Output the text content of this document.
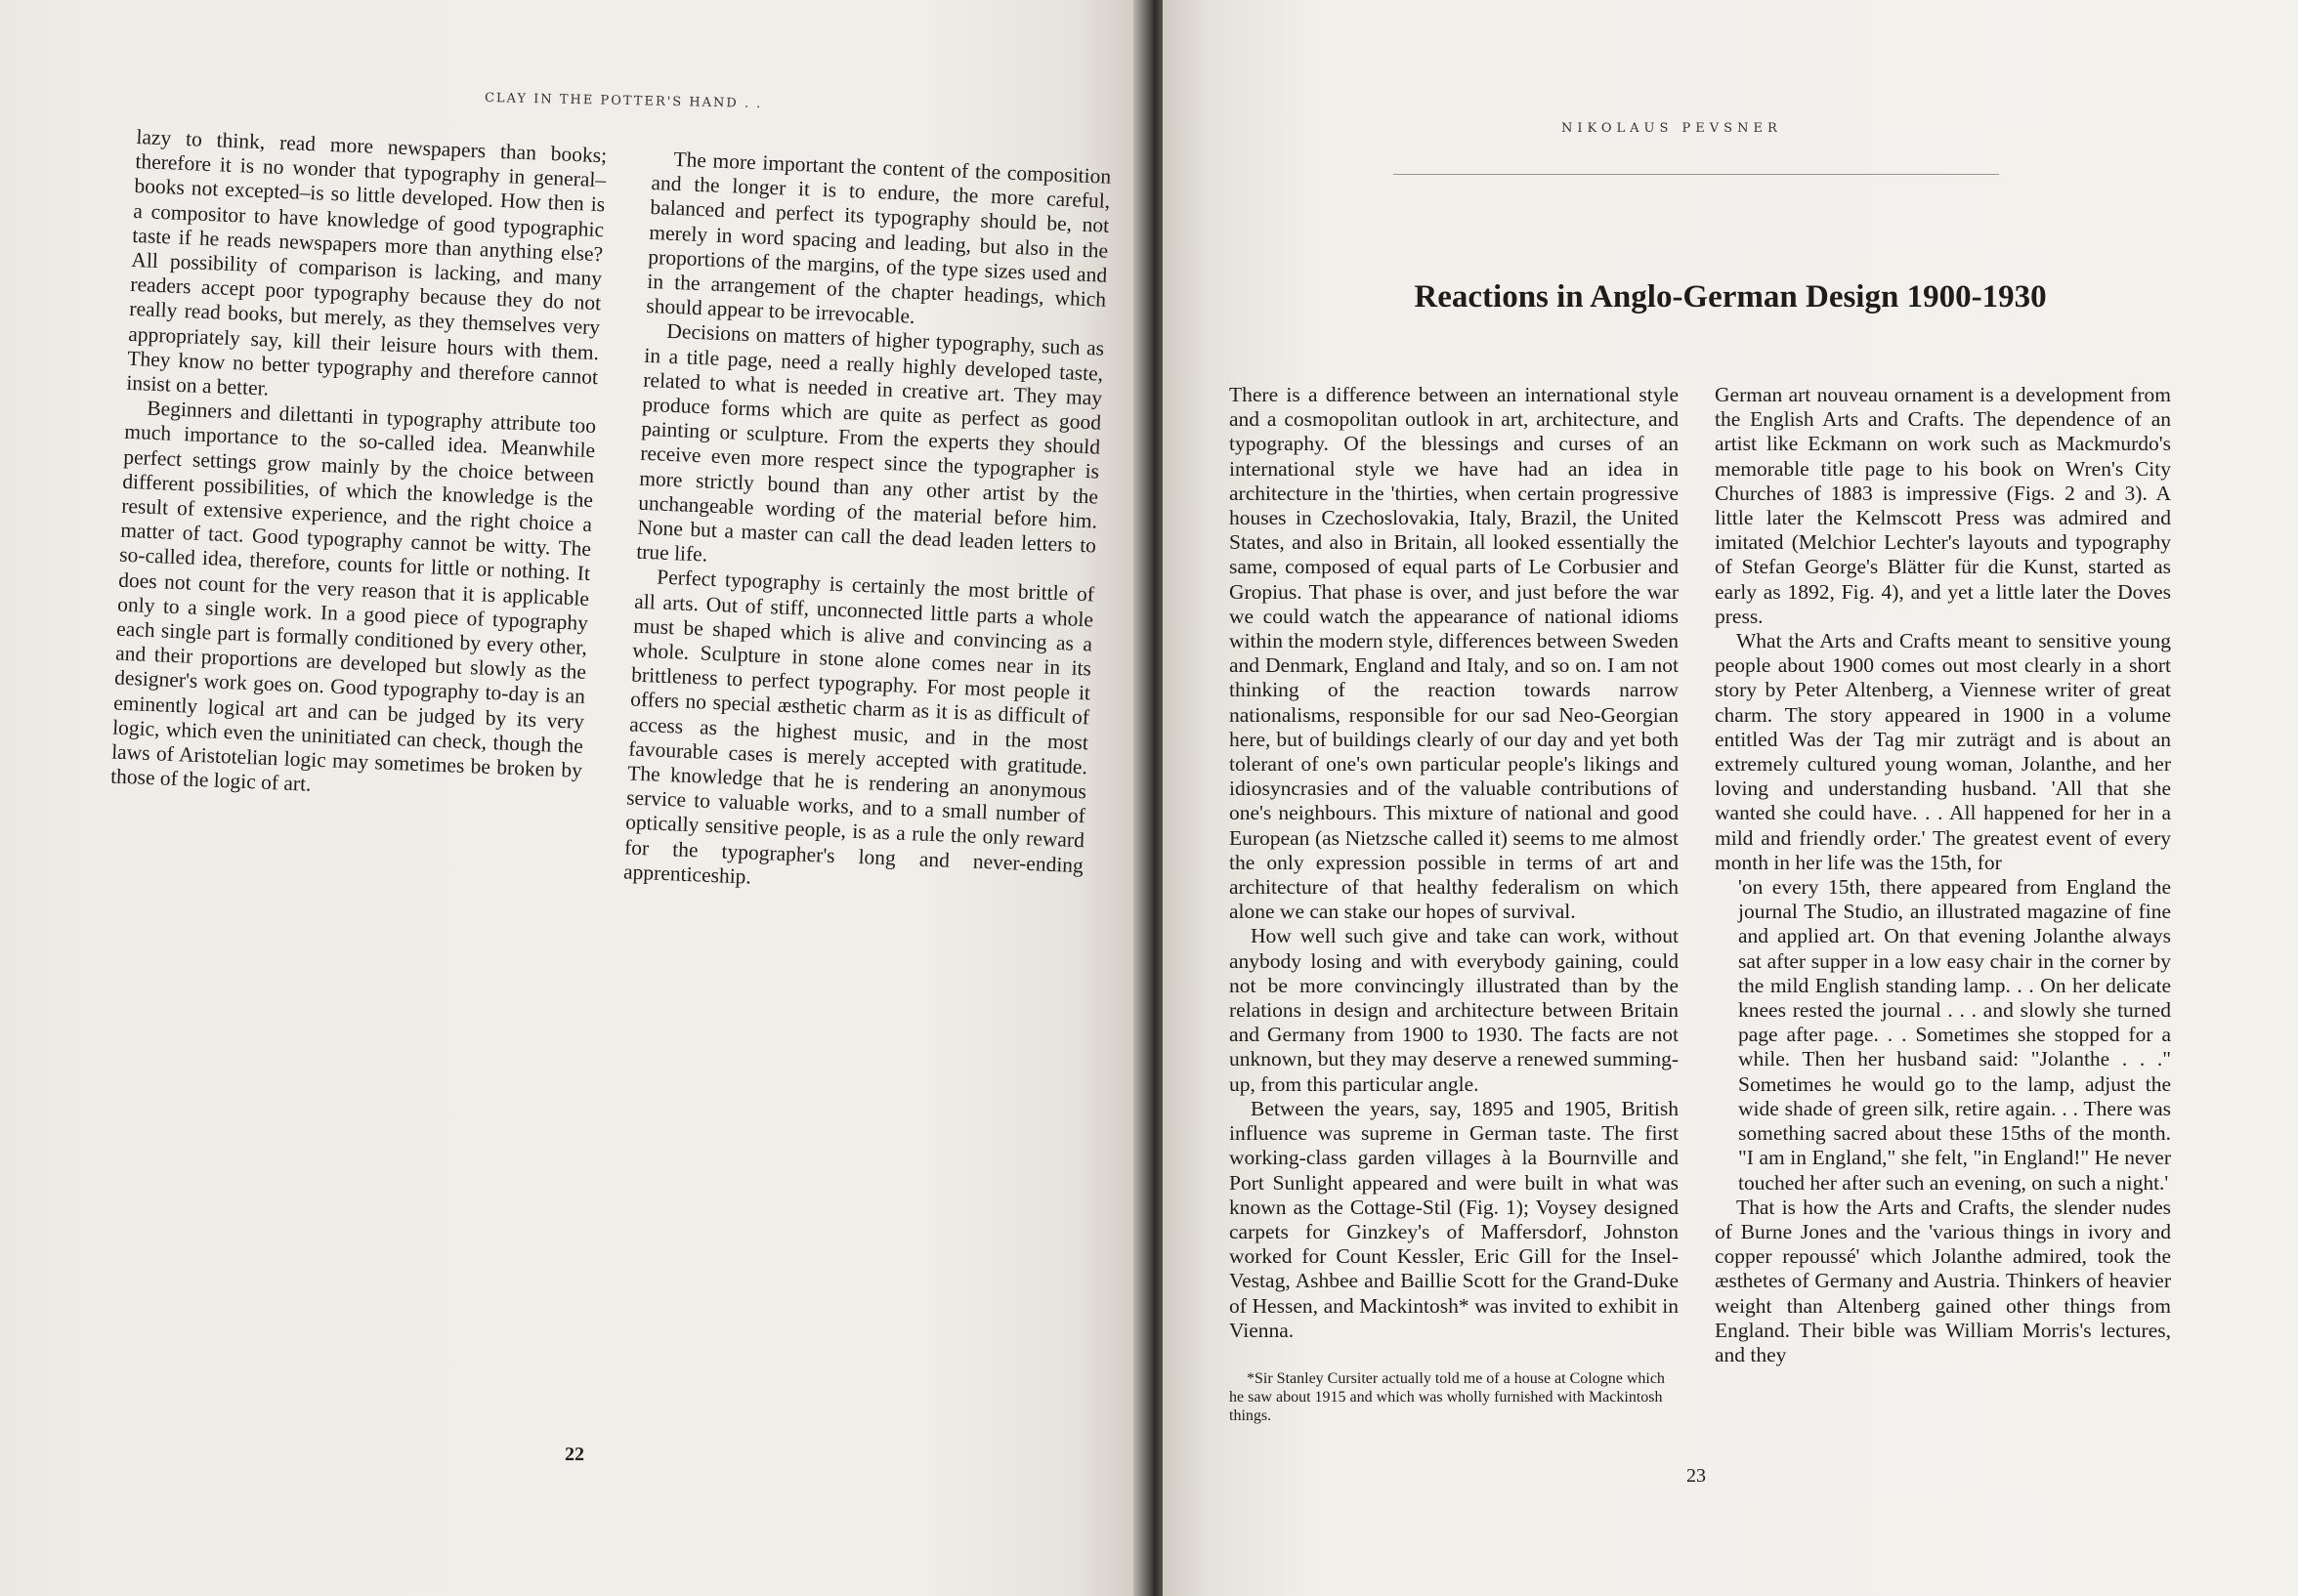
CLAY IN THE POTTER'S HAND . .

lazy to think, read more newspapers than books; therefore it is no wonder that typography in general–books not excepted–is so little developed. How then is a compositor to have knowledge of good typographic taste if he reads newspapers more than anything else? All possibility of comparison is lacking, and many readers accept poor typography because they do not really read books, but merely, as they themselves very appropriately say, kill their leisure hours with them. They know no better typography and therefore cannot insist on a better.

Beginners and dilettanti in typography attribute too much importance to the so-called idea. Meanwhile perfect settings grow mainly by the choice between different possibilities, of which the knowledge is the result of extensive experience, and the right choice a matter of tact. Good typography cannot be witty. The so-called idea, therefore, counts for little or nothing. It does not count for the very reason that it is applicable only to a single work. In a good piece of typography each single part is formally conditioned by every other, and their proportions are developed but slowly as the designer's work goes on. Good typography to-day is an eminently logical art and can be judged by its very logic, which even the uninitiated can check, though the laws of Aristotelian logic may sometimes be broken by those of the logic of art.

The more important the content of the composition and the longer it is to endure, the more careful, balanced and perfect its typography should be, not merely in word spacing and leading, but also in the proportions of the margins, of the type sizes used and in the arrangement of the chapter headings, which should appear to be irrevocable.

Decisions on matters of higher typography, such as in a title page, need a really highly developed taste, related to what is needed in creative art. They may produce forms which are quite as perfect as good painting or sculpture. From the experts they should receive even more respect since the typographer is more strictly bound than any other artist by the unchangeable wording of the material before him. None but a master can call the dead leaden letters to true life.

Perfect typography is certainly the most brittle of all arts. Out of stiff, unconnected little parts a whole must be shaped which is alive and convincing as a whole. Sculpture in stone alone comes near in its brittleness to perfect typography. For most people it offers no special æsthetic charm as it is as difficult of access as the highest music, and in the most favourable cases is merely accepted with gratitude. The knowledge that he is rendering an anonymous service to valuable works, and to a small number of optically sensitive people, is as a rule the only reward for the typographer's long and never-ending apprenticeship.

22
NIKOLAUS PEVSNER
Reactions in Anglo-German Design 1900-1930

There is a difference between an international style and a cosmopolitan outlook in art, architecture, and typography. Of the blessings and curses of an international style we have had an idea in architecture in the 'thirties, when certain progressive houses in Czechoslovakia, Italy, Brazil, the United States, and also in Britain, all looked essentially the same, composed of equal parts of Le Corbusier and Gropius. That phase is over, and just before the war we could watch the appearance of national idioms within the modern style, differences between Sweden and Denmark, England and Italy, and so on. I am not thinking of the reaction towards narrow nationalisms, responsible for our sad Neo-Georgian here, but of buildings clearly of our day and yet both tolerant of one's own particular people's likings and idiosyncrasies and of the valuable contributions of one's neighbours. This mixture of national and good European (as Nietzsche called it) seems to me almost the only expression possible in terms of art and architecture of that healthy federalism on which alone we can stake our hopes of survival.

How well such give and take can work, without anybody losing and with everybody gaining, could not be more convincingly illustrated than by the relations in design and architecture between Britain and Germany from 1900 to 1930. The facts are not unknown, but they may deserve a renewed summing-up, from this particular angle.

Between the years, say, 1895 and 1905, British influence was supreme in German taste. The first working-class garden villages à la Bournville and Port Sunlight appeared and were built in what was known as the Cottage-Stil (Fig. 1); Voysey designed carpets for Ginzkey's of Maffersdorf, Johnston worked for Count Kessler, Eric Gill for the Insel-Vestag, Ashbee and Baillie Scott for the Grand-Duke of Hessen, and Mackintosh* was invited to exhibit in Vienna.

*Sir Stanley Cursiter actually told me of a house at Cologne which he saw about 1915 and which was wholly furnished with Mackintosh things.

German art nouveau ornament is a development from the English Arts and Crafts. The dependence of an artist like Eckmann on work such as Mackmurdo's memorable title page to his book on Wren's City Churches of 1883 is impressive (Figs. 2 and 3). A little later the Kelmscott Press was admired and imitated (Melchior Lechter's layouts and typography of Stefan George's Blätter für die Kunst, started as early as 1892, Fig. 4), and yet a little later the Doves press.

What the Arts and Crafts meant to sensitive young people about 1900 comes out most clearly in a short story by Peter Altenberg, a Viennese writer of great charm. The story appeared in 1900 in a volume entitled Was der Tag mir zuträgt and is about an extremely cultured young woman, Jolanthe, and her loving and understanding husband. 'All that she wanted she could have. . . All happened for her in a mild and friendly order.' The greatest event of every month in her life was the 15th, for

'on every 15th, there appeared from England the journal The Studio, an illustrated magazine of fine and applied art. On that evening Jolanthe always sat after supper in a low easy chair in the corner by the mild English standing lamp. . . On her delicate knees rested the journal . . . and slowly she turned page after page. . . Sometimes she stopped for a while. Then her husband said: "Jolanthe . . ." Sometimes he would go to the lamp, adjust the wide shade of green silk, retire again. . . There was something sacred about these 15ths of the month. "I am in England," she felt, "in England!" He never touched her after such an evening, on such a night.'

That is how the Arts and Crafts, the slender nudes of Burne Jones and the 'various things in ivory and copper repoussé' which Jolanthe admired, took the æsthetes of Germany and Austria. Thinkers of heavier weight than Altenberg gained other things from England. Their bible was William Morris's lectures, and they

23
